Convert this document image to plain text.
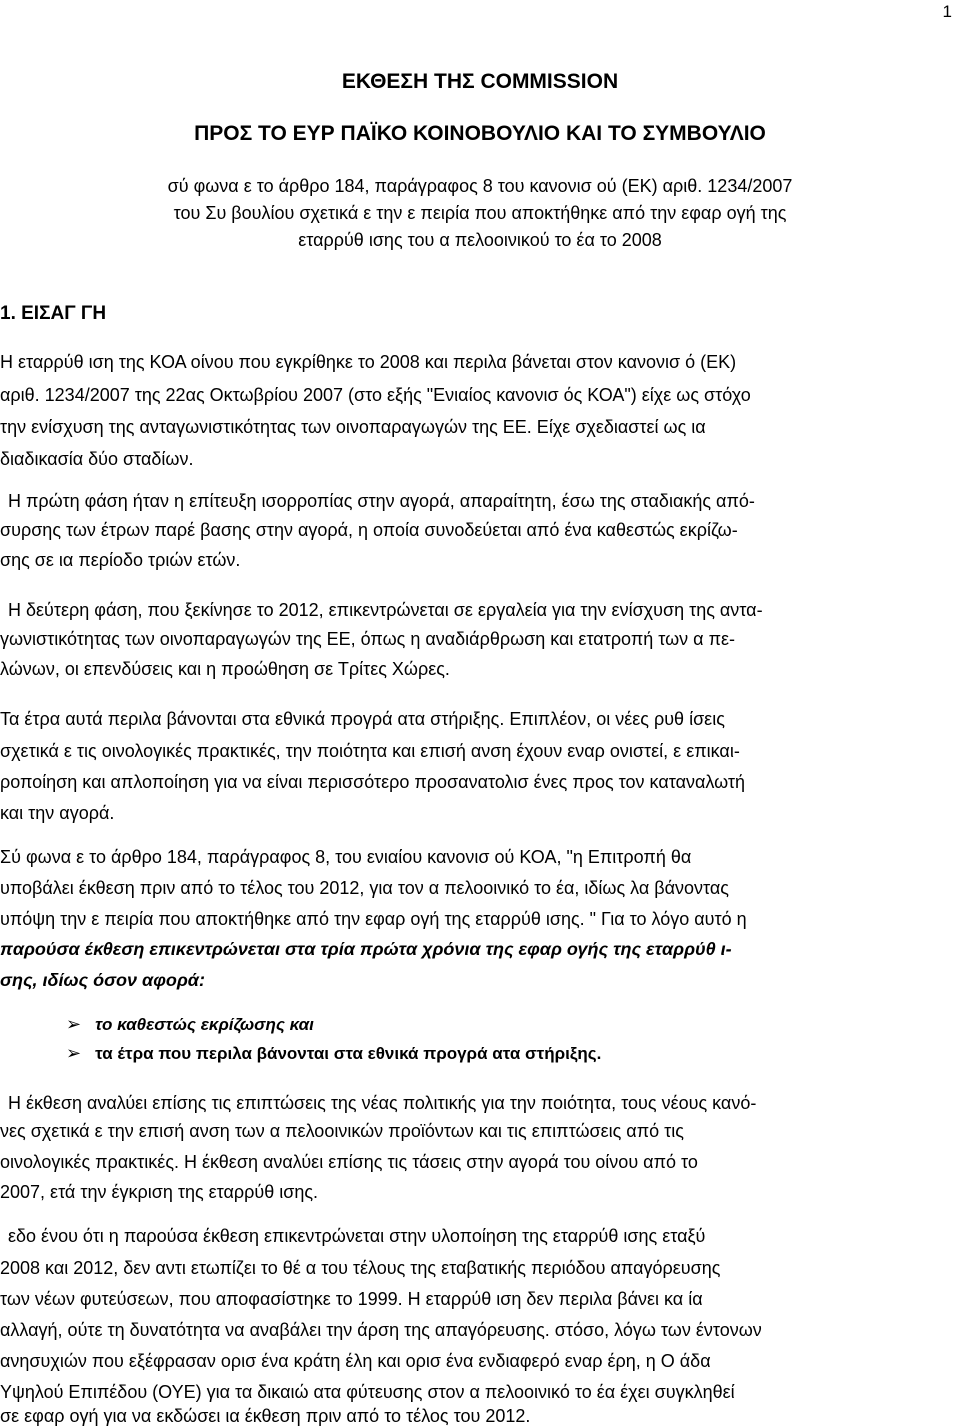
1
ΕΚΘΕΣΗ ΤΗΣ COMMISSION
ΠΡΟΣ ΤΟ ΕΥΡ ΠΑΪΚΟ ΚΟΙΝΟΒΟΥΛΙΟ ΚΑΙ ΤΟ ΣΥΜΒΟΥΛΙΟ
σύ φωνα ε το άρθρο 184, παράγραφος 8 του κανονισ ού (ΕΚ) αριθ. 1234/2007
του Συ βουλίου σχετικά ε την ε πειρία που αποκτήθηκε από την εφαρ ογή της
εταρρύθ ισης του α πελοοινικού το έα το 2008
1. ΕΙΣΑΓ ΓΗ
Η εταρρύθ ιση της ΚΟΑ οίνου που εγκρίθηκε το 2008 και περιλα βάνεται στον κανονισ ό (ΕΚ)
αριθ. 1234/2007 της 22ας Οκτωβρίου 2007 (στο εξής "Ενιαίος κανονισ ός ΚΟΑ") είχε ως στόχο
την ενίσχυση της ανταγωνιστικότητας των οινοπαραγωγών της ΕΕ. Είχε σχεδιαστεί ως ια
διαδικασία δύο σταδίων.
Η πρώτη φάση ήταν η επίτευξη ισορροπίας στην αγορά, απαραίτητη, έσω της σταδιακής από-
συρσης των έτρων παρέ βασης στην αγορά, η οποία συνοδεύεται από ένα καθεστώς εκρίζω-
σης σε ια περίοδο τριών ετών.
Η δεύτερη φάση, που ξεκίνησε το 2012, επικεντρώνεται σε εργαλεία για την ενίσχυση της αντα-
γωνιστικότητας των οινοπαραγωγών της ΕΕ, όπως η αναδιάρθρωση και ετατροπή των α πε-
λώνων, οι επενδύσεις και η προώθηση σε Τρίτες Χώρες.
Τα έτρα αυτά περιλα βάνονται στα εθνικά προγρά ατα στήριξης. Επιπλέον, οι νέες ρυθ ίσεις
σχετικά ε τις οινολογικές πρακτικές, την ποιότητα και επισή ανση έχουν εναρ ονιστεί, ε επικαι-
ροποίηση και απλοποίηση για να είναι περισσότερο προσανατολισ ένες προς τον καταναλωτή
και την αγορά.
Σύ φωνα ε το άρθρο 184, παράγραφος 8, του ενιαίου κανονισ ού ΚΟΑ, "η Επιτροπή θα
υποβάλει έκθεση πριν από το τέλος του 2012, για τον α πελοοινικό το έα, ιδίως λα βάνοντας
υπόψη την ε πειρία που αποκτήθηκε από την εφαρ ογή της εταρρύθ ισης. " Για το λόγο αυτό η
παρούσα έκθεση επικεντρώνεται στα τρία πρώτα χρόνια της εφαρ ογής της εταρρύθ ι-
σης, ιδίως όσον αφορά:
➢ το καθεστώς εκρίζωσης και
➢ τα έτρα που περιλα βάνονται στα εθνικά προγρά ατα στήριξης.
Η έκθεση αναλύει επίσης τις επιπτώσεις της νέας πολιτικής για την ποιότητα, τους νέους κανό-
νες σχετικά ε την επισή ανση των α πελοοινικών προϊόντων και τις επιπτώσεις από τις
οινολογικές πρακτικές. Η έκθεση αναλύει επίσης τις τάσεις στην αγορά του οίνου από το
2007, ετά την έγκριση της εταρρύθ ισης.
εδο ένου ότι η παρούσα έκθεση επικεντρώνεται στην υλοποίηση της εταρρύθ ισης εταξύ
2008 και 2012, δεν αντι ετωπίζει το θέ α του τέλους της εταβατικής περιόδου απαγόρευσης
των νέων φυτεύσεων, που αποφασίστηκε το 1999. Η εταρρύθ ιση δεν περιλα βάνει κα ία
αλλαγή, ούτε τη δυνατότητα να αναβάλει την άρση της απαγόρευσης. στόσο, λόγω των έντονων
ανησυχιών που εξέφρασαν ορισ ένα κράτη έλη και ορισ ένα ενδιαφερό εναρ έρη, η Ο άδα
Υψηλού Επιπέδου (ΟΥΕ) για τα δικαιώ ατα φύτευσης στον α πελοοινικό το έα έχει συγκληθεί
σε εφαρ ογή για να εκδώσει ια έκθεση πριν από το τέλος του 2012.
